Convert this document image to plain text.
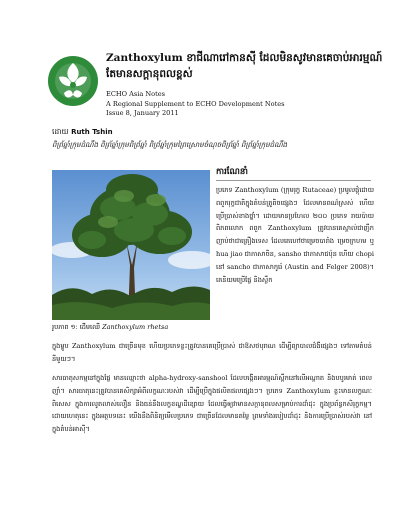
Zanthoxylum ខាជីណារៅកានស៊ី ដែលមិនសូវមានគេចាប់អារម្មណ៍ តែមានសក្ដានុពលខ្ពស់
ECHO Asia Notes
A Regional Supplement to ECHO Development Notes
Issue 8, January 2011
ដោយ Ruth Tshin
ពិព្រ័ឆ្នាំក្រុមដំណឹង ពិព្រ័ឆ្នាំក្រុមពិព្រ័ឆ្នាំ ពិព្រ័ឆ្នាំក្រុមព្រៃស្រោមចំណុចពិព្រ័ឆ្នាំ ពិព្រ័ឆ្នាំក្រុមដំណឹង
រូបភាព ១: ដើមឈើ Zanthoxylum rhetsa
ការណែនាំ
ប្រភេទ Zanthoxylum (ក្រុមរុក្ខ Rutaceae) ប្រមូលផ្ដុំដោយពពួករុក្ខជាតិក្នុងតំបន់ត្រូពិចផ្សេងៗ ដែលមានពណ៌ស្រស់ ហើយប្រើប្រាស់ខាងថ្នាំ។ ដោយមានប្រហែល ២០០ ប្រភេទ រាយប៉ាយ ពិភពលោក ពពួក Zanthoxylum ត្រូវបានគេស្គាល់ជាញឹកញាប់ថាជាគ្រឿងទេស ដែលគេហៅថាម្រេចបារាំង ម្រេចក្រហម ឬ hua jiao ជាភាសាចិន, sansho ជាភាសាជប៉ុន ហើយ chopi នៅ sancho ជាភាសាកូរ៉េ (Austin and Felger 2008)។ គេនិយមប្រើផ្លែ និងស្លឹក
ក្នុងម្ហូប Zanthoxylum ជាច្រើនមុខ ហើយប្រភេទខ្លះត្រូវបានគេប្រើប្រាស់ ជាឱសថបុរាណ ដើម្បីព្យាបាលជំងឺផ្សេងៗ ទៅតាមតំបន់នីមួយៗ។
សារធាតុសកម្មនៅក្នុងផ្លែ មានឈ្មោះថា alpha-hydroxy-sanshool ដែលបង្កើតអារម្មណ៍ស្ពឹកនៅលើអណ្ដាត និងបបូរមាត់ ពេលញ៉ាំ។ សារធាតុនេះត្រូវបានគេសិក្សាអំពីលក្ខណៈរបស់វា ដើម្បីប្រើក្នុងផលិតផលផ្សេងៗ។ ប្រភេទ Zanthoxylum ខ្លះមានលក្ខណៈពិសេស ក្នុងការលូតលាស់លឿន និងធន់នឹងលក្ខខណ្ឌដីខ្សោយ ដែលធ្វើឲ្យវាមានសក្ដានុពលសម្រាប់ការដាំដុះ ក្នុងប្រព័ន្ធកសិរុក្ខកម្ម។ ដោយហេតុនេះ ក្នុងអត្ថបទនេះ យើងនឹងពិនិត្យមើលប្រភេទ ជាច្រើនដែលមានតម្លៃ ព្រមទាំងរបៀបដាំដុះ និងការប្រើប្រាស់របស់វា នៅក្នុងតំបន់អាស៊ី។
